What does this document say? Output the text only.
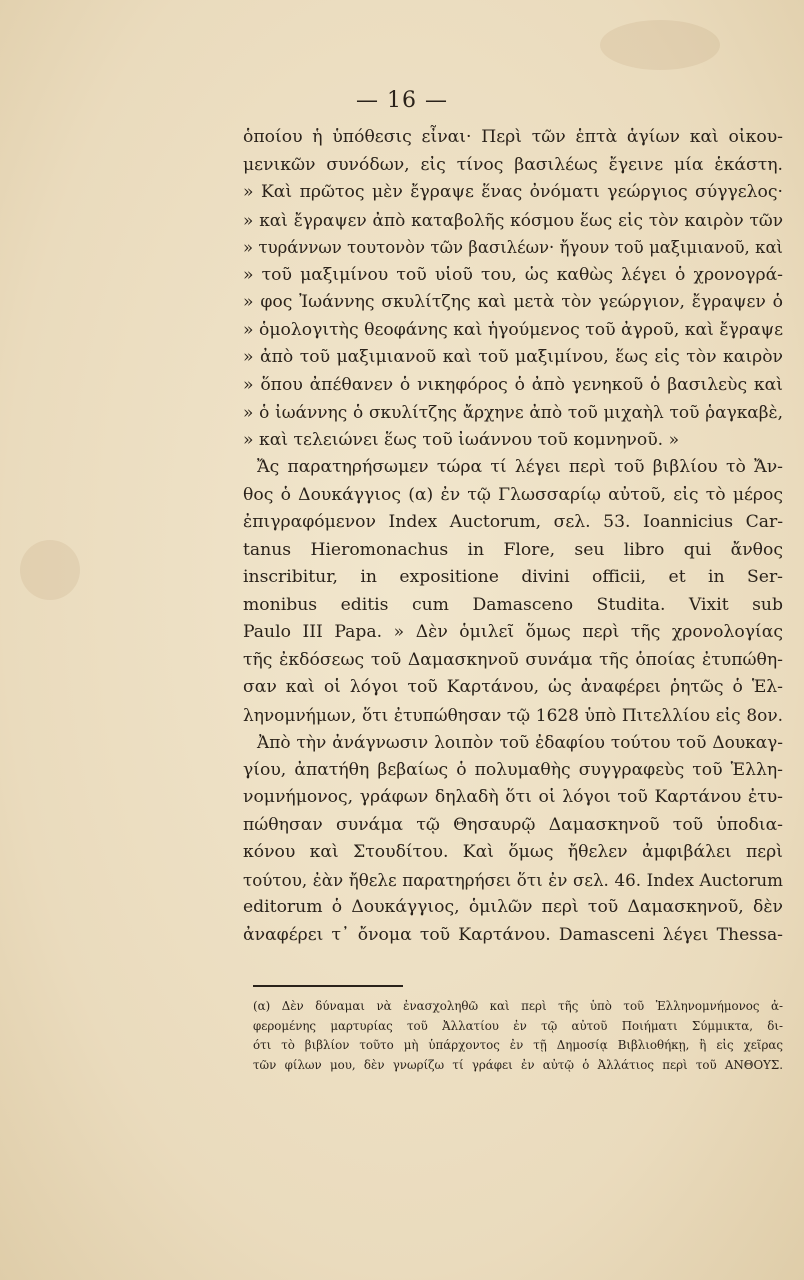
— 16 —
ὁποίου ἡ ὑπόθεσις εἶναι· Περὶ τῶν ἑπτὰ ἁγίων καὶ οἰκου-
μενικῶν συνόδων, εἰς τίνος βασιλέως ἔγεινε μία ἑκάστη.
» Καὶ πρῶτος μὲν ἔγραψε ἕνας ὀνόματι γεώργιος σύγγελος·
» καὶ ἔγραψεν ἀπὸ καταβολῆς κόσμου ἕως εἰς τὸν καιρὸν τῶν
» τυράννων τουτονὸν τῶν βασιλέων· ἤγουν τοῦ μαξιμιανοῦ, καὶ
» τοῦ μαξιμίνου τοῦ υἱοῦ του, ὡς καθὼς λέγει ὁ χρονογρά-
» φος Ἰωάννης σκυλίτζης καὶ μετὰ τὸν γεώργιον, ἔγραψεν ὁ
» ὁμολογιτὴς θεοφάνης καὶ ἡγούμενος τοῦ ἀγροῦ, καὶ ἔγραψε
» ἀπὸ τοῦ μαξιμιανοῦ καὶ τοῦ μαξιμίνου, ἕως εἰς τὸν καιρὸν
» ὅπου ἀπέθανεν ὁ νικηφόρος ὁ ἀπὸ γενηκοῦ ὁ βασιλεὺς καὶ
» ὁ ἰωάννης ὁ σκυλίτζης ἄρχηνε ἀπὸ τοῦ μιχαὴλ τοῦ ῥαγκαβὲ,
» καὶ τελειώνει ἕως τοῦ ἰωάννου τοῦ κομνηνοῦ. »
Ἄς παρατηρήσωμεν τώρα τί λέγει περὶ τοῦ βιβλίου τὸ Ἄν-
θος ὁ Δουκάγγιος (α) ἐν τῷ Γλωσσαρίῳ αὐτοῦ, εἰς τὸ μέρος
ἐπιγραφόμενον Index Auctorum, σελ. 53. Ioannicius Car-
tanus Hieromonachus in Flore, seu libro qui ἄνθος
inscribitur, in expositione divini officii, et in Ser-
monibus editis cum Damasceno Studita. Vixit sub
Paulo III Papa. » Δὲν ὁμιλεῖ ὅμως περὶ τῆς χρονολογίας
τῆς ἐκδόσεως τοῦ Δαμασκηνοῦ συνάμα τῆς ὁποίας ἐτυπώθη-
σαν καὶ οἱ λόγοι τοῦ Καρτάνου, ὡς ἀναφέρει ῥητῶς ὁ Ἑλ-
ληνομνήμων, ὅτι ἐτυπώθησαν τῷ 1628 ὑπὸ Πιτελλίου εἰς 8ον.
Ἀπὸ τὴν ἀνάγνωσιν λοιπὸν τοῦ ἐδαφίου τούτου τοῦ Δουκαγ-
γίου, ἀπατήθη βεβαίως ὁ πολυμαθὴς συγγραφεὺς τοῦ Ἑλλη-
νομνήμονος, γράφων δηλαδὴ ὅτι οἱ λόγοι τοῦ Καρτάνου ἐτυ-
πώθησαν συνάμα τῷ Θησαυρῷ Δαμασκηνοῦ τοῦ ὑποδια-
κόνου καὶ Στουδίτου. Καὶ ὅμως ἤθελεν ἀμφιβάλει περὶ
τούτου, ἐὰν ἤθελε παρατηρήσει ὅτι ἐν σελ. 46. Index Auctorum
editorum ὁ Δουκάγγιος, ὁμιλῶν περὶ τοῦ Δαμασκηνοῦ, δὲν
ἀναφέρει τ᾿ ὄνομα τοῦ Καρτάνου. Damasceni λέγει Thessa-
(α) Δὲν δύναμαι νὰ ἐνασχοληθῶ καὶ περὶ τῆς ὑπὸ τοῦ Ἑλληνομνήμονος ἀ-
φερομένης μαρτυρίας τοῦ Ἀλλατίου ἐν τῷ αὐτοῦ Ποιήματι Σύμμικτα, δι-
ότι τὸ βιβλίον τοῦτο μὴ ὑπάρχοντος ἐν τῇ Δημοσίᾳ Βιβλιοθήκῃ, ἢ εἰς χεῖρας
τῶν φίλων μου, δὲν γνωρίζω τί γράφει ἐν αὐτῷ ὁ Ἀλλάτιος περὶ τοῦ ΑΝΘΟΥΣ.
